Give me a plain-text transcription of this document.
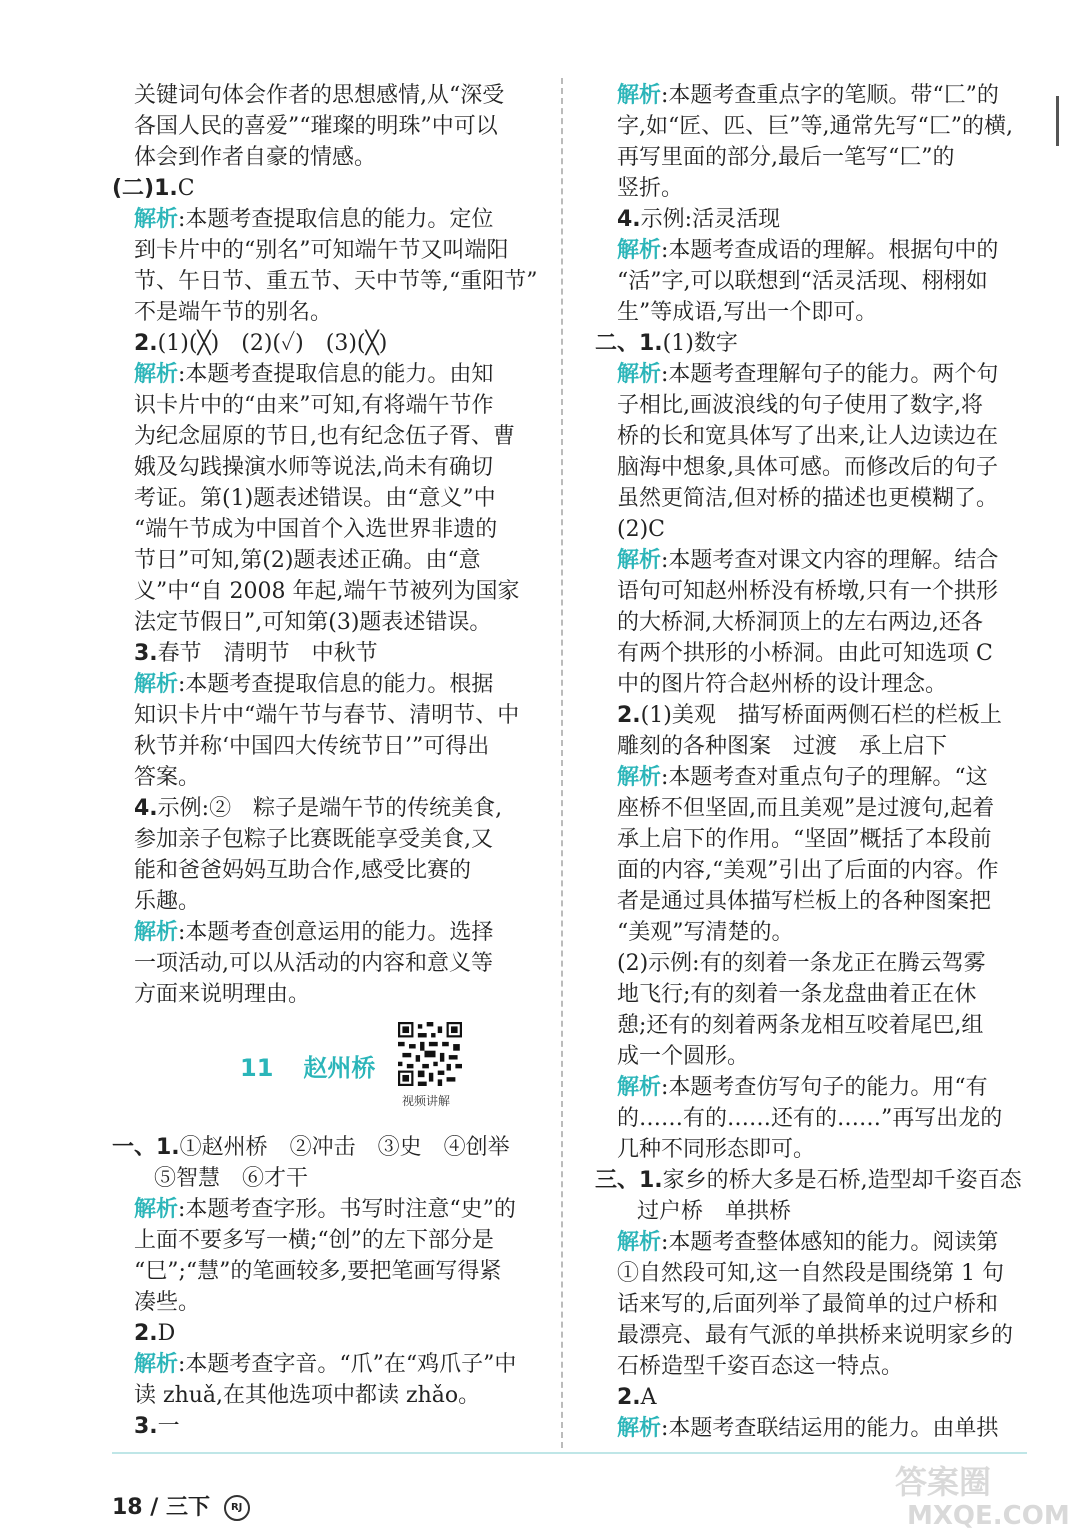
关键词句体会作者的思想感情,从“深受
各国人民的喜爱”“璀璨的明珠”中可以
体会到作者自豪的情感。
(二)1.C
解析:本题考查提取信息的能力。定位
到卡片中的“别名”可知端午节又叫端阳
节、午日节、重五节、天中节等,“重阳节”
不是端午节的别名。
2.(1)(╳)　(2)(✓)　(3)(╳)
解析:本题考查提取信息的能力。由知
识卡片中的“由来”可知,有将端午节作
为纪念屈原的节日,也有纪念伍子胥、曹
娥及勾践操演水师等说法,尚未有确切
考证。第(1)题表述错误。由“意义”中
“端午节成为中国首个入选世界非遗的
节日”可知,第(2)题表述正确。由“意
义”中“自 2008 年起,端午节被列为国家
法定节假日”,可知第(3)题表述错误。
3.春节　清明节　中秋节
解析:本题考查提取信息的能力。根据
知识卡片中“端午节与春节、清明节、中
秋节并称‘中国四大传统节日’”可得出
答案。
4.示例:②　粽子是端午节的传统美食,
参加亲子包粽子比赛既能享受美食,又
能和爸爸妈妈互助合作,感受比赛的
乐趣。
解析:本题考查创意运用的能力。选择
一项活动,可以从活动的内容和意义等
方面来说明理由。
11 赵州桥
视频讲解
一、1.①赵州桥　②冲击　③史　④创举
⑤智慧　⑥才干
解析:本题考查字形。书写时注意“史”的
上面不要多写一横;“创”的左下部分是
“巳”;“慧”的笔画较多,要把笔画写得紧
凑些。
2.D
解析:本题考查字音。“爪”在“鸡爪子”中
读 zhuǎ,在其他选项中都读 zhǎo。
3.一
解析:本题考查重点字的笔顺。带“匚”的
字,如“匠、匹、巨”等,通常先写“匚”的横,
再写里面的部分,最后一笔写“匚”的
竖折。
4.示例:活灵活现
解析:本题考查成语的理解。根据句中的
“活”字,可以联想到“活灵活现、栩栩如
生”等成语,写出一个即可。
二、1.(1)数字
解析:本题考查理解句子的能力。两个句
子相比,画波浪线的句子使用了数字,将
桥的长和宽具体写了出来,让人边读边在
脑海中想象,具体可感。而修改后的句子
虽然更简洁,但对桥的描述也更模糊了。
(2)C
解析:本题考查对课文内容的理解。结合
语句可知赵州桥没有桥墩,只有一个拱形
的大桥洞,大桥洞顶上的左右两边,还各
有两个拱形的小桥洞。由此可知选项 C
中的图片符合赵州桥的设计理念。
2.(1)美观　描写桥面两侧石栏的栏板上
雕刻的各种图案　过渡　承上启下
解析:本题考查对重点句子的理解。“这
座桥不但坚固,而且美观”是过渡句,起着
承上启下的作用。“坚固”概括了本段前
面的内容,“美观”引出了后面的内容。作
者是通过具体描写栏板上的各种图案把
“美观”写清楚的。
(2)示例:有的刻着一条龙正在腾云驾雾
地飞行;有的刻着一条龙盘曲着正在休
憩;还有的刻着两条龙相互咬着尾巴,组
成一个圆形。
解析:本题考查仿写句子的能力。用“有
的……有的……还有的……”再写出龙的
几种不同形态即可。
三、1.家乡的桥大多是石桥,造型却千姿百态
过户桥　单拱桥
解析:本题考查整体感知的能力。阅读第
①自然段可知,这一自然段是围绕第 1 句
话来写的,后面列举了最简单的过户桥和
最漂亮、最有气派的单拱桥来说明家乡的
石桥造型千姿百态这一特点。
2.A
解析:本题考查联结运用的能力。由单拱
18 / 三下 RJ
答案圈
MXQE.COM
